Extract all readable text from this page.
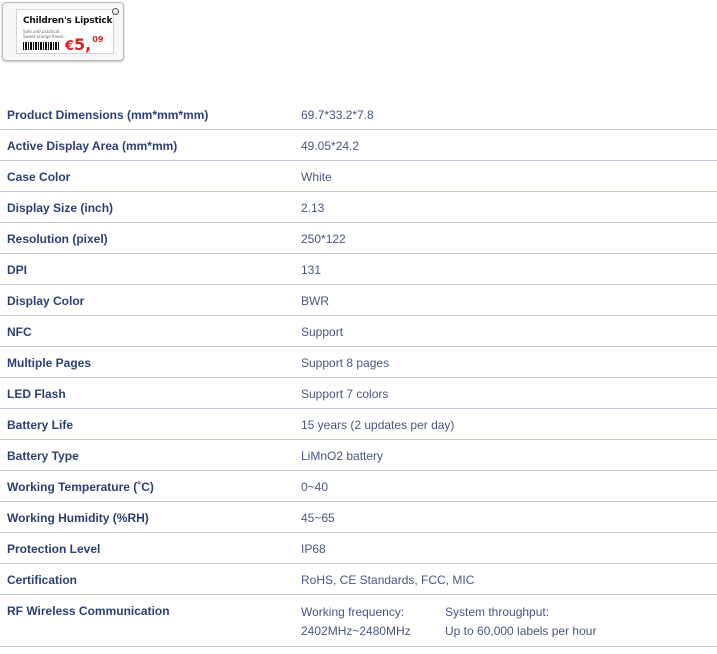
Children's Lipstick
Safe and practical
Sweet orange flavor
€5,09
Product Dimensions (mm*mm*mm)	69.7*33.2*7.8
Active Display Area (mm*mm)	49.05*24.2
Case Color	White
Display Size (inch)	2.13
Resolution (pixel)	250*122
DPI	131
Display Color	BWR
NFC	Support
Multiple Pages	Support 8 pages
LED Flash	Support 7 colors
Battery Life	15 years (2 updates per day)
Battery Type	LiMnO2 battery
Working Temperature (˚C)	0~40
Working Humidity (%RH)	45~65
Protection Level	IP68
Certification	RoHS, CE Standards, FCC, MIC
RF Wireless Communication	Working frequency:
2402MHz~2480MHz
System throughput:
Up to 60,000 labels per hour
